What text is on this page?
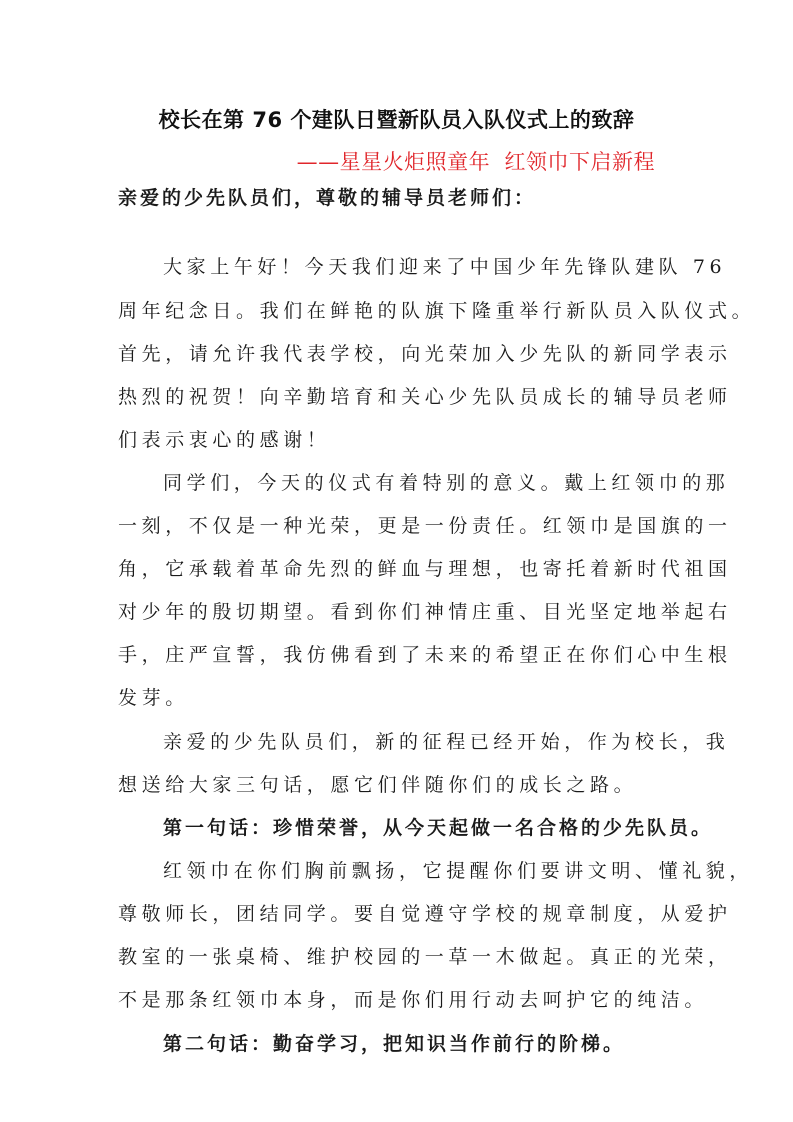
校长在第 76 个建队日暨新队员入队仪式上的致辞
——星星火炬照童年  红领巾下启新程
亲爱的少先队员们，尊敬的辅导员老师们：
大家上午好！今天我们迎来了中国少年先锋队建队 76
周年纪念日。我们在鲜艳的队旗下隆重举行新队员入队仪式。
首先，请允许我代表学校，向光荣加入少先队的新同学表示
热烈的祝贺！向辛勤培育和关心少先队员成长的辅导员老师
们表示衷心的感谢！
同学们，今天的仪式有着特别的意义。戴上红领巾的那
一刻，不仅是一种光荣，更是一份责任。红领巾是国旗的一
角，它承载着革命先烈的鲜血与理想，也寄托着新时代祖国
对少年的殷切期望。看到你们神情庄重、目光坚定地举起右
手，庄严宣誓，我仿佛看到了未来的希望正在你们心中生根
发芽。
亲爱的少先队员们，新的征程已经开始，作为校长，我
想送给大家三句话，愿它们伴随你们的成长之路。
第一句话：珍惜荣誉，从今天起做一名合格的少先队员。
红领巾在你们胸前飘扬，它提醒你们要讲文明、懂礼貌，
尊敬师长，团结同学。要自觉遵守学校的规章制度，从爱护
教室的一张桌椅、维护校园的一草一木做起。真正的光荣，
不是那条红领巾本身，而是你们用行动去呵护它的纯洁。
第二句话：勤奋学习，把知识当作前行的阶梯。
